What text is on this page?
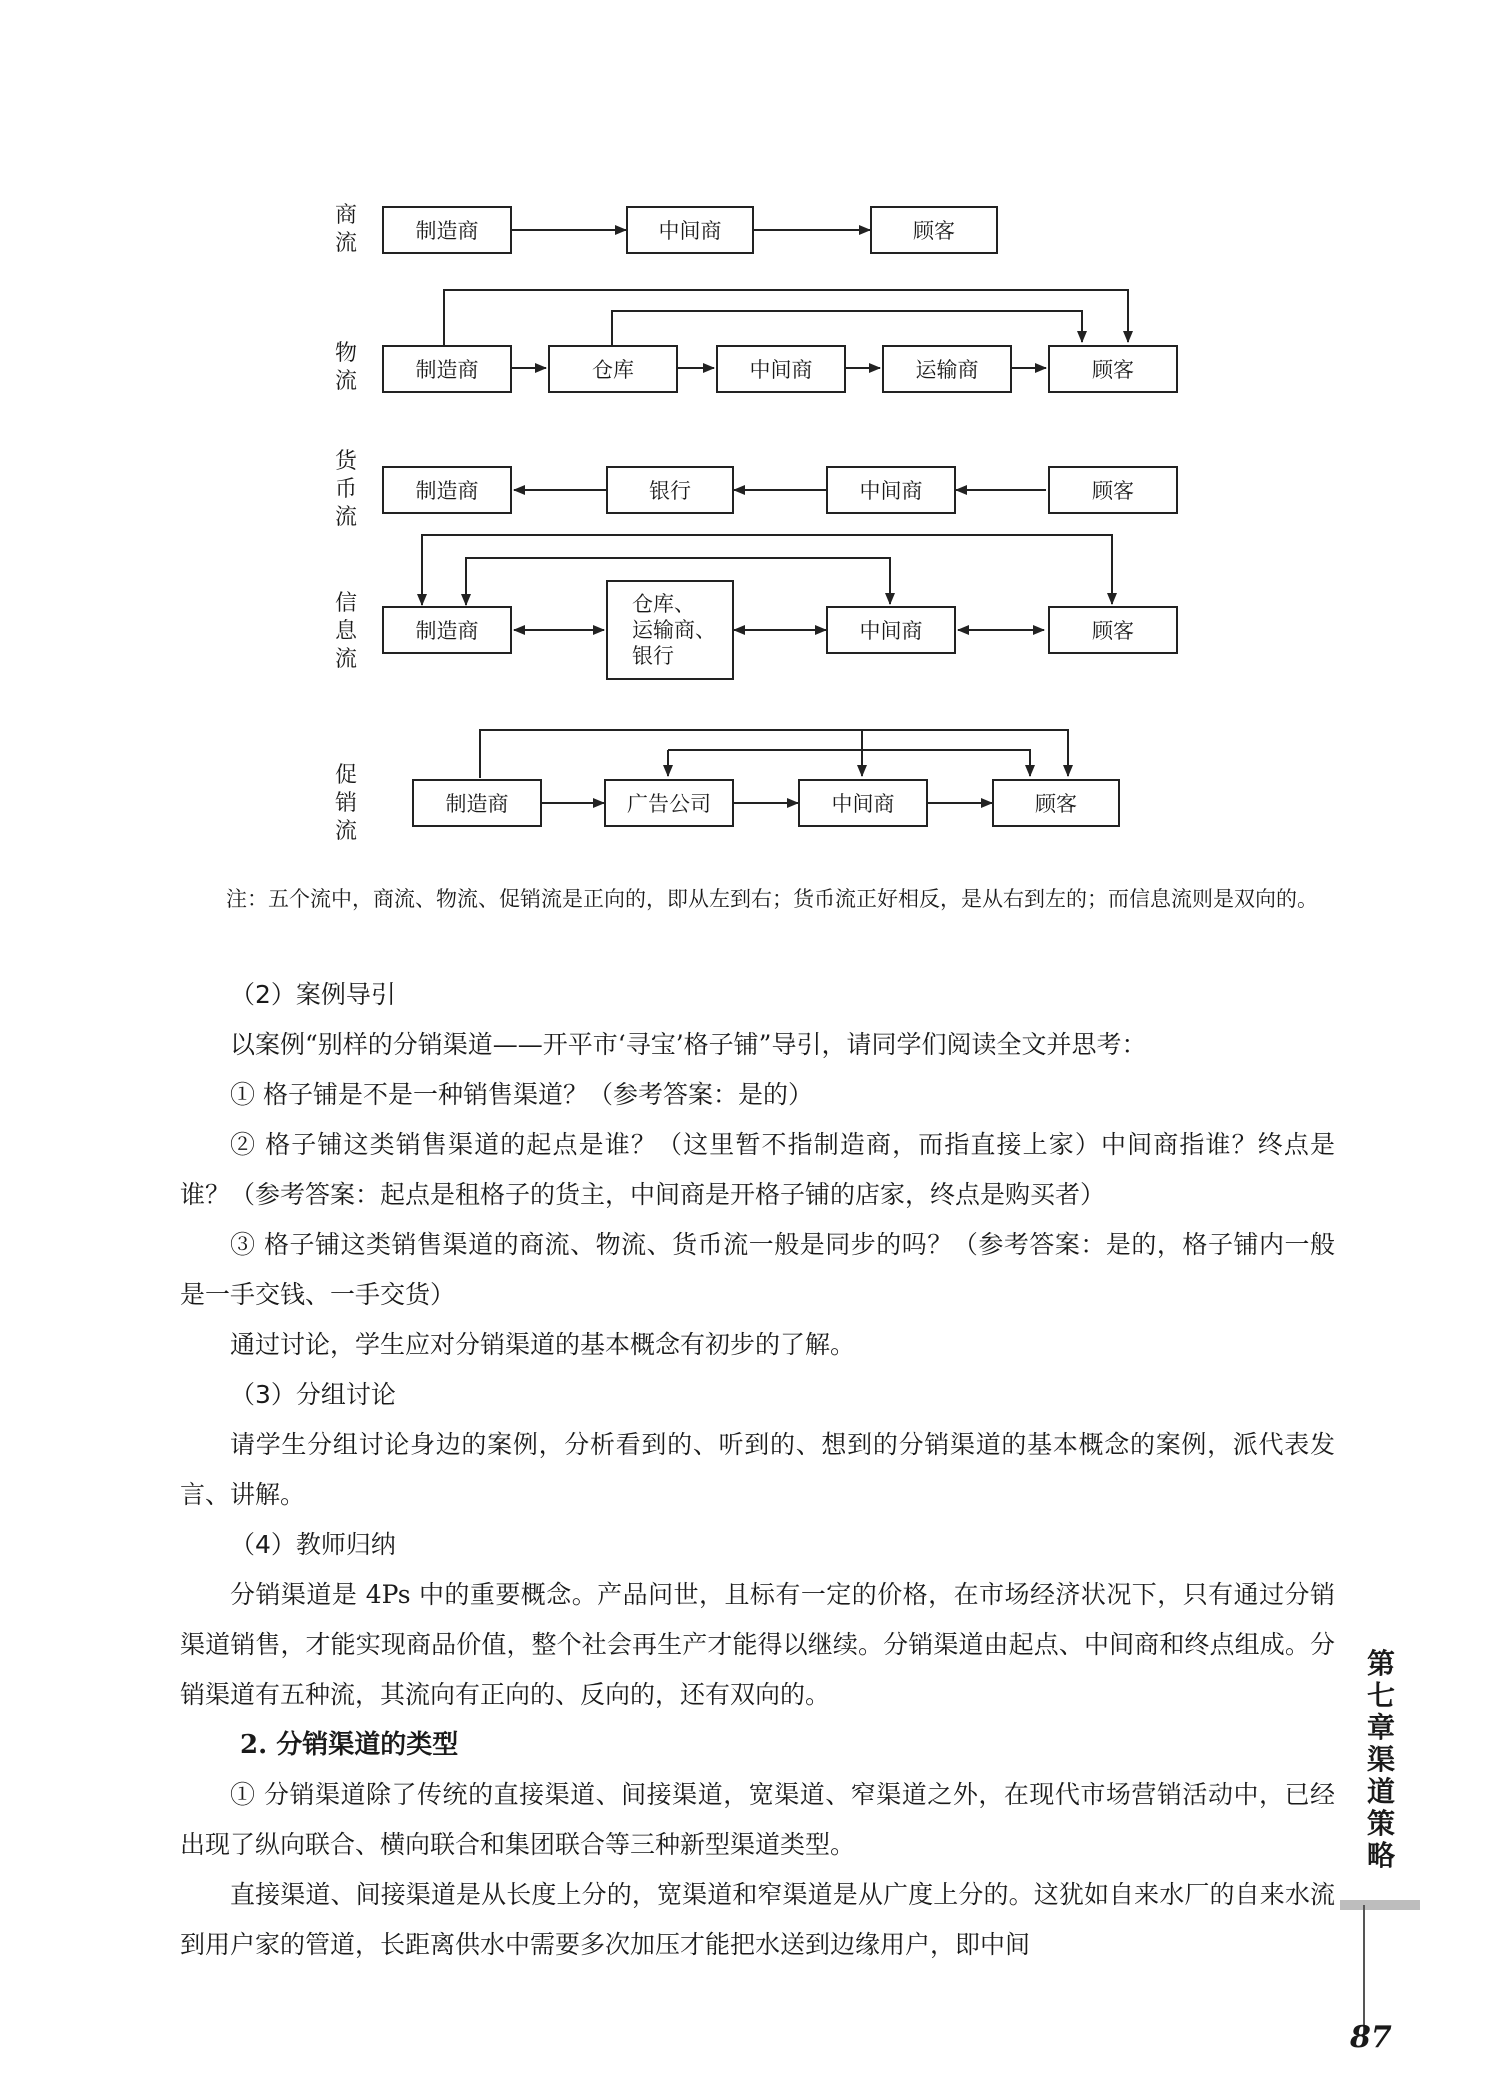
商
流
物
流
货
币
流
信
息
流
促
销
流
制造商	中间商	顾客
制造商	仓库	中间商	运输商	顾客
制造商	银行	中间商	顾客
制造商
仓库、
运输商、
银行
中间商	顾客
制造商	广告公司	中间商	顾客

注：五个流中，商流、物流、促销流是正向的，即从左到右；货币流正好相反，是从右到左的；而信息流则是双向的。

（2）案例导引

以案例“别样的分销渠道——开平市‘寻宝’格子铺”导引，请同学们阅读全文并思考：

① 格子铺是不是一种销售渠道？（参考答案：是的）

② 格子铺这类销售渠道的起点是谁？（这里暂不指制造商，而指直接上家）中间商指谁？终点是谁？（参考答案：起点是租格子的货主，中间商是开格子铺的店家，终点是购买者）

③ 格子铺这类销售渠道的商流、物流、货币流一般是同步的吗？（参考答案：是的，格子铺内一般是一手交钱、一手交货）

通过讨论，学生应对分销渠道的基本概念有初步的了解。

（3）分组讨论

请学生分组讨论身边的案例，分析看到的、听到的、想到的分销渠道的基本概念的案例，派代表发言、讲解。

（4）教师归纳

分销渠道是 4Ps 中的重要概念。产品问世，且标有一定的价格，在市场经济状况下，只有通过分销渠道销售，才能实现商品价值，整个社会再生产才能得以继续。分销渠道由起点、中间商和终点组成。分销渠道有五种流，其流向有正向的、反向的，还有双向的。

2. 分销渠道的类型

① 分销渠道除了传统的直接渠道、间接渠道，宽渠道、窄渠道之外，在现代市场营销活动中，已经出现了纵向联合、横向联合和集团联合等三种新型渠道类型。

直接渠道、间接渠道是从长度上分的，宽渠道和窄渠道是从广度上分的。这犹如自来水厂的自来水流到用户家的管道，长距离供水中需要多次加压才能把水送到边缘用户，即中间

第七章 渠道策略
87
